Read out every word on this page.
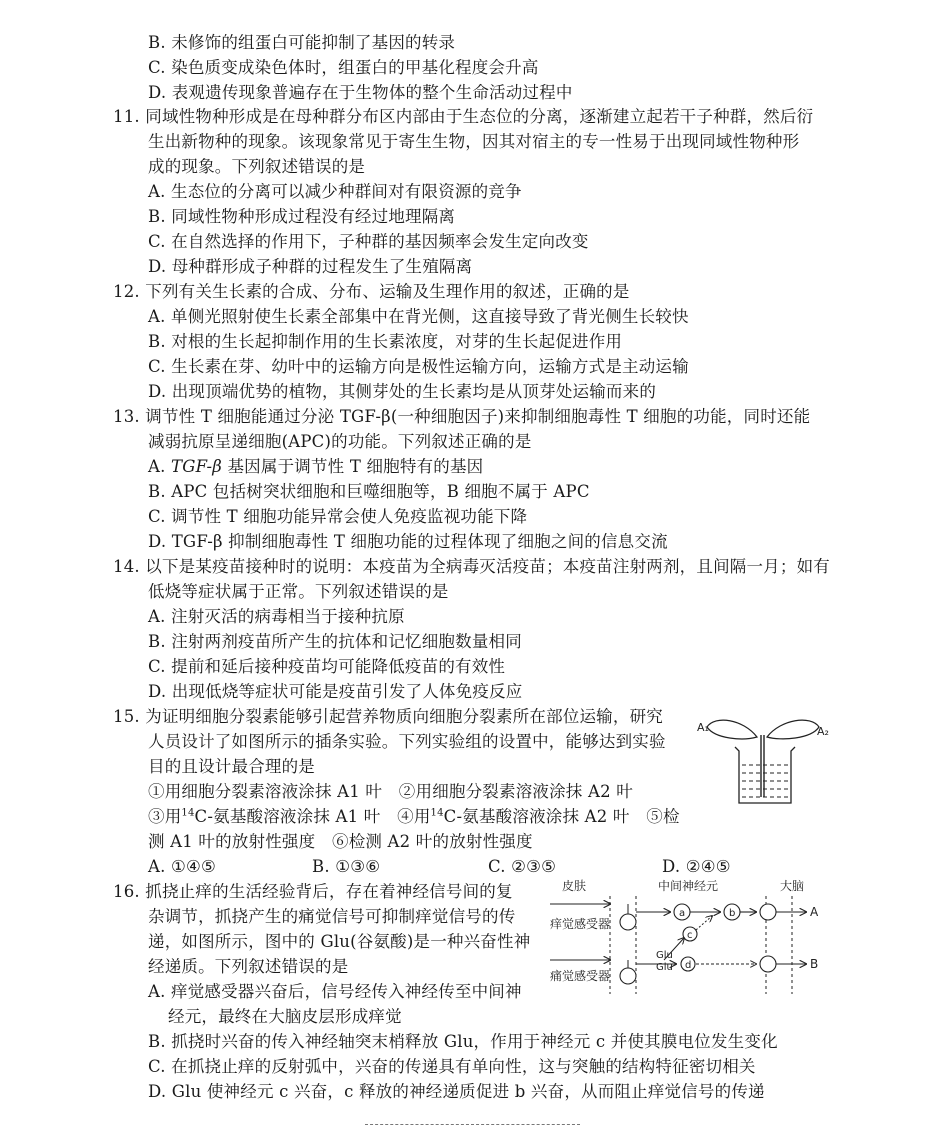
B. 未修饰的组蛋白可能抑制了基因的转录
C. 染色质变成染色体时，组蛋白的甲基化程度会升高
D. 表观遗传现象普遍存在于生物体的整个生命活动过程中
11. 同域性物种形成是在母种群分布区内部由于生态位的分离，逐渐建立起若干子种群，然后衍
生出新物种的现象。该现象常见于寄生生物，因其对宿主的专一性易于出现同域性物种形
成的现象。下列叙述错误的是
A. 生态位的分离可以减少种群间对有限资源的竞争
B. 同域性物种形成过程没有经过地理隔离
C. 在自然选择的作用下，子种群的基因频率会发生定向改变
D. 母种群形成子种群的过程发生了生殖隔离
12. 下列有关生长素的合成、分布、运输及生理作用的叙述，正确的是
A. 单侧光照射使生长素全部集中在背光侧，这直接导致了背光侧生长较快
B. 对根的生长起抑制作用的生长素浓度，对芽的生长起促进作用
C. 生长素在芽、幼叶中的运输方向是极性运输方向，运输方式是主动运输
D. 出现顶端优势的植物，其侧芽处的生长素均是从顶芽处运输而来的
13. 调节性 T 细胞能通过分泌 TGF-β(一种细胞因子)来抑制细胞毒性 T 细胞的功能，同时还能
减弱抗原呈递细胞(APC)的功能。下列叙述正确的是
A. TGF-β 基因属于调节性 T 细胞特有的基因
B. APC 包括树突状细胞和巨噬细胞等，B 细胞不属于 APC
C. 调节性 T 细胞功能异常会使人免疫监视功能下降
D. TGF-β 抑制细胞毒性 T 细胞功能的过程体现了细胞之间的信息交流
14. 以下是某疫苗接种时的说明：本疫苗为全病毒灭活疫苗；本疫苗注射两剂，且间隔一月；如有
低烧等症状属于正常。下列叙述错误的是
A. 注射灭活的病毒相当于接种抗原
B. 注射两剂疫苗所产生的抗体和记忆细胞数量相同
C. 提前和延后接种疫苗均可能降低疫苗的有效性
D. 出现低烧等症状可能是疫苗引发了人体免疫反应
15. 为证明细胞分裂素能够引起营养物质向细胞分裂素所在部位运输，研究
人员设计了如图所示的插条实验。下列实验组的设置中，能够达到实验
目的且设计最合理的是
①用细胞分裂素溶液涂抹 A1 叶　②用细胞分裂素溶液涂抹 A2 叶
③用$^{14}$C-氨基酸溶液涂抹 A1 叶　④用$^{14}$C-氨基酸溶液涂抹 A2 叶　⑤检
测 A1 叶的放射性强度　⑥检测 A2 叶的放射性强度
A. ①④⑤	B. ①③⑥	C. ②③⑤	D. ②④⑤
A₁	A₂
16. 抓挠止痒的生活经验背后，存在着神经信号间的复
杂调节，抓挠产生的痛觉信号可抑制痒觉信号的传
递，如图所示，图中的 Glu(谷氨酸)是一种兴奋性神
经递质。下列叙述错误的是
A. 痒觉感受器兴奋后，信号经传入神经传至中间神
经元，最终在大脑皮层形成痒觉
B. 抓挠时兴奋的传入神经轴突末梢释放 Glu，作用于神经元 c 并使其膜电位发生变化
C. 在抓挠止痒的反射弧中，兴奋的传递具有单向性，这与突触的结构特征密切相关
D. Glu 使神经元 c 兴奋，c 释放的神经递质促进 b 兴奋，从而阻止痒觉信号的传递
皮肤	中间神经元	大脑
痒觉感受器
a	b	A
c
Glu
痛觉感受器
Glu d	B
